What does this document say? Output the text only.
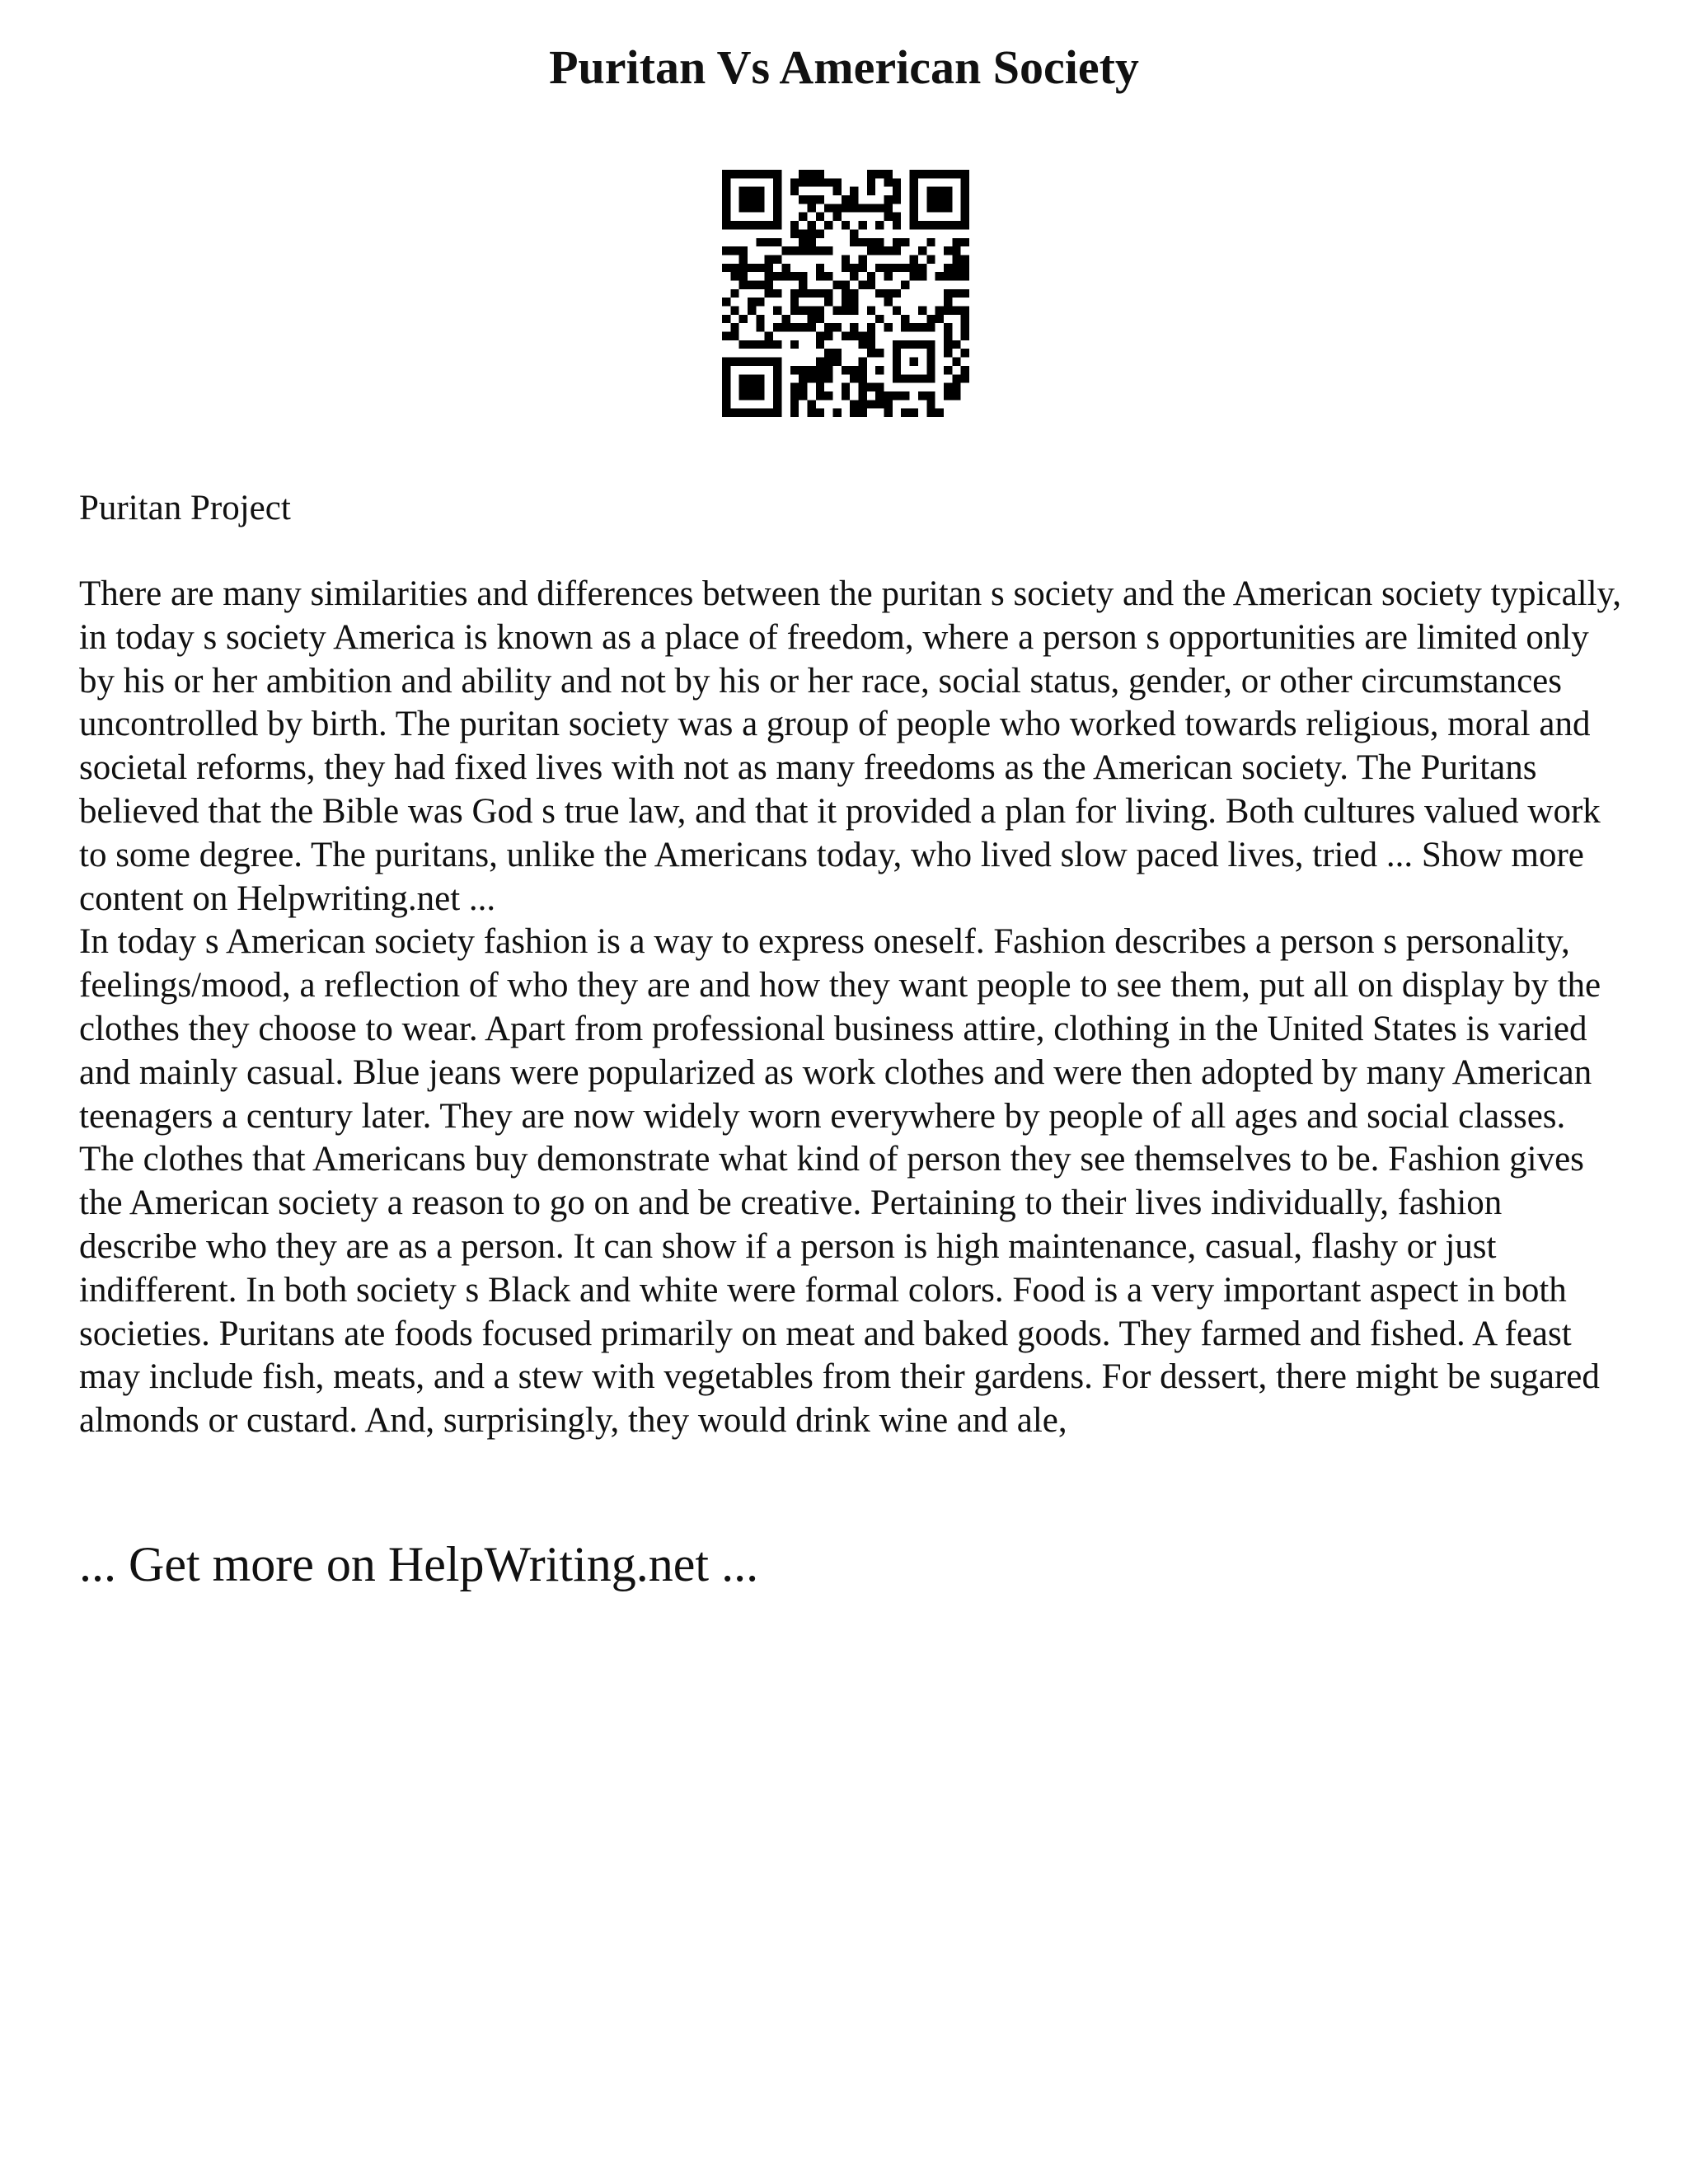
Puritan Vs American Society

Puritan Project

There are many similarities and differences between the puritan s society and the American society typically, in today s society America is known as a place of freedom, where a person s opportunities are limited only by his or her ambition and ability and not by his or her race, social status, gender, or other circumstances uncontrolled by birth. The puritan society was a group of people who worked towards religious, moral and societal reforms, they had fixed lives with not as many freedoms as the American society. The Puritans believed that the Bible was God s true law, and that it provided a plan for living. Both cultures valued work to some degree. The puritans, unlike the Americans today, who lived slow paced lives, tried ... Show more content on Helpwriting.net ...

In today s American society fashion is a way to express oneself. Fashion describes a person s personality, feelings/mood, a reflection of who they are and how they want people to see them, put all on display by the clothes they choose to wear. Apart from professional business attire, clothing in the United States is varied and mainly casual. Blue jeans were popularized as work clothes and were then adopted by many American teenagers a century later. They are now widely worn everywhere by people of all ages and social classes. The clothes that Americans buy demonstrate what kind of person they see themselves to be. Fashion gives the American society a reason to go on and be creative. Pertaining to their lives individually, fashion describe who they are as a person. It can show if a person is high maintenance, casual, flashy or just indifferent. In both society s Black and white were formal colors. Food is a very important aspect in both societies. Puritans ate foods focused primarily on meat and baked goods. They farmed and fished. A feast may include fish, meats, and a stew with vegetables from their gardens. For dessert, there might be sugared almonds or custard. And, surprisingly, they would drink wine and ale,

... Get more on HelpWriting.net ...
